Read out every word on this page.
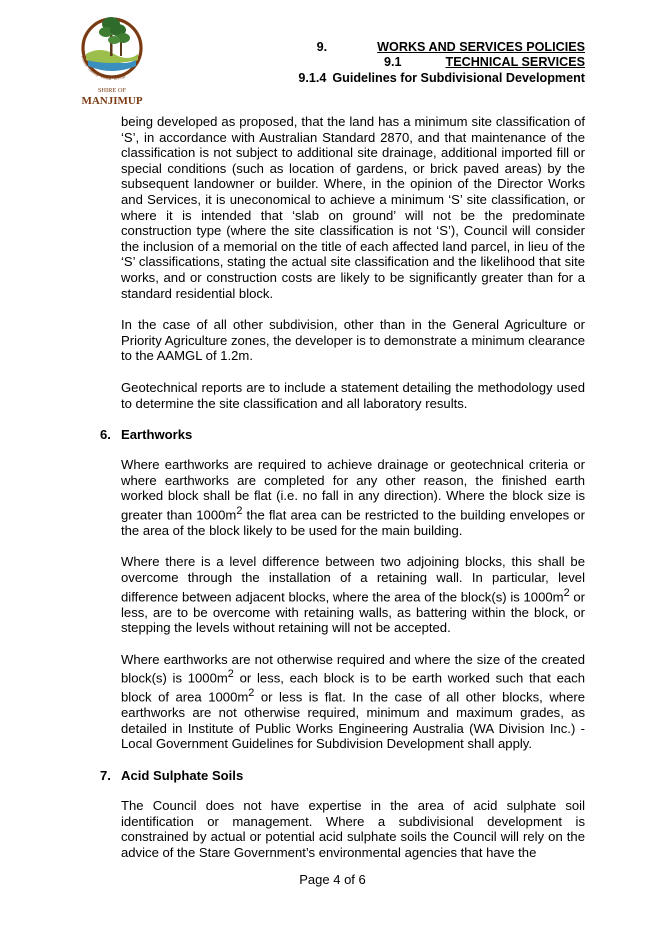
Wildlife · Gateway · Forests · Heritage
SHIRE OF
MANJIMUP
9.	WORKS AND SERVICES POLICIES
9.1	TECHNICAL SERVICES
9.1.4 Guidelines for Subdivisional Development

being developed as proposed, that the land has a minimum site classification of ‘S’, in accordance with Australian Standard 2870, and that maintenance of the classification is not subject to additional site drainage, additional imported fill or special conditions (such as location of gardens, or brick paved areas) by the subsequent landowner or builder. Where, in the opinion of the Director Works and Services, it is uneconomical to achieve a minimum ‘S’ site classification, or where it is intended that ‘slab on ground’ will not be the predominate construction type (where the site classification is not ‘S’), Council will consider the inclusion of a memorial on the title of each affected land parcel, in lieu of the ‘S’ classifications, stating the actual site classification and the likelihood that site works, and or construction costs are likely to be significantly greater than for a standard residential block.

In the case of all other subdivision, other than in the General Agriculture or Priority Agriculture zones, the developer is to demonstrate a minimum clearance to the AAMGL of 1.2m.

Geotechnical reports are to include a statement detailing the methodology used to determine the site classification and all laboratory results.

6. Earthworks

Where earthworks are required to achieve drainage or geotechnical criteria or where earthworks are completed for any other reason, the finished earth worked block shall be flat (i.e. no fall in any direction). Where the block size is greater than $1000m^2$ the flat area can be restricted to the building envelopes or the area of the block likely to be used for the main building.

Where there is a level difference between two adjoining blocks, this shall be overcome through the installation of a retaining wall. In particular, level difference between adjacent blocks, where the area of the block(s) is $1000m^2$ or less, are to be overcome with retaining walls, as battering within the block, or stepping the levels without retaining will not be accepted.

Where earthworks are not otherwise required and where the size of the created block(s) is $1000m^2$ or less, each block is to be earth worked such that each block of area $1000m^2$ or less is flat. In the case of all other blocks, where earthworks are not otherwise required, minimum and maximum grades, as detailed in Institute of Public Works Engineering Australia (WA Division Inc.) - Local Government Guidelines for Subdivision Development shall apply.

7. Acid Sulphate Soils

The Council does not have expertise in the area of acid sulphate soil identification or management. Where a subdivisional development is constrained by actual or potential acid sulphate soils the Council will rely on the advice of the Stare Government’s environmental agencies that have the

Page 4 of 6
